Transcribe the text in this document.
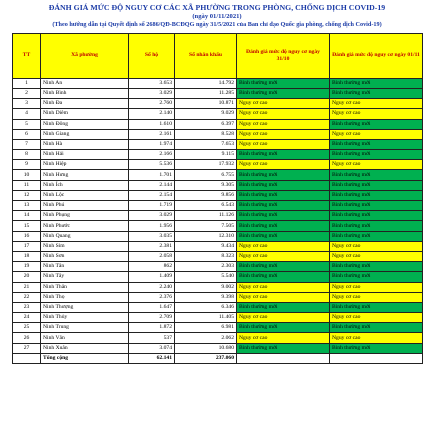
ĐÁNH GIÁ MỨC ĐỘ NGUY CƠ CÁC XÃ PHƯỜNG TRONG PHÒNG, CHỐNG DỊCH COVID-19
(ngày 01/11/2021)
(Theo hướng dẫn tại Quyết định số 2686/QĐ-BCĐQG ngày 31/5/2021 của Ban chỉ đạo Quốc gia phòng, chống dịch Covid-19)
TT	Xã phường	Số hộ	Số nhân khẩu	Đánh giá mức độ nguy cơ ngày 31/10	Đánh giá mức độ nguy cơ ngày 01/11
1	Ninh An	3.653	14.792	Bình thường mới	Bình thường mới
2	Ninh Bình	3.029	11.285	Bình thường mới	Bình thường mới
3	Ninh Đa	2.760	10.871	Nguy cơ cao	Nguy cơ cao
4	Ninh Diêm	2.140	9.029	Nguy cơ cao	Nguy cơ cao
5	Ninh Đông	1.610	6.397	Nguy cơ cao	Bình thường mới
6	Ninh Giang	2.161	8.528	Nguy cơ cao	Nguy cơ cao
7	Ninh Hà	1.974	7.653	Nguy cơ cao	Bình thường mới
8	Ninh Hải	2.166	9.115	Bình thường mới	Bình thường mới
9	Ninh Hiệp	5.536	17.932	Nguy cơ cao	Nguy cơ cao
10	Ninh Hưng	1.701	6.755	Bình thường mới	Bình thường mới
11	Ninh Ích	2.144	9.305	Bình thường mới	Bình thường mới
12	Ninh Lộc	2.154	9.856	Bình thường mới	Bình thường mới
13	Ninh Phú	1.719	6.543	Bình thường mới	Bình thường mới
14	Ninh Phụng	3.029	11.126	Bình thường mới	Bình thường mới
15	Ninh Phước	1.956	7.505	Bình thường mới	Bình thường mới
16	Ninh Quang	3.035	12.310	Bình thường mới	Bình thường mới
17	Ninh Sim	2.381	9.434	Nguy cơ cao	Nguy cơ cao
18	Ninh Sơn	2.058	8.323	Nguy cơ cao	Nguy cơ cao
19	Ninh Tân	862	2.303	Bình thường mới	Bình thường mới
20	Ninh Tây	1.409	5.540	Bình thường mới	Bình thường mới
21	Ninh Thân	2.240	9.002	Nguy cơ cao	Nguy cơ cao
22	Ninh Thọ	2.376	9.398	Nguy cơ cao	Nguy cơ cao
23	Ninh Thượng	1.647	6.346	Bình thường mới	Bình thường mới
24	Ninh Thủy	2.709	11.405	Nguy cơ cao	Nguy cơ cao
25	Ninh Trung	1.872	6.981	Bình thường mới	Bình thường mới
26	Ninh Vân	537	2.062	Nguy cơ cao	Nguy cơ cao
27	Ninh Xuân	3.074	10.680	Bình thường mới	Bình thường mới
	Tổng cộng	62.141	237.060		
